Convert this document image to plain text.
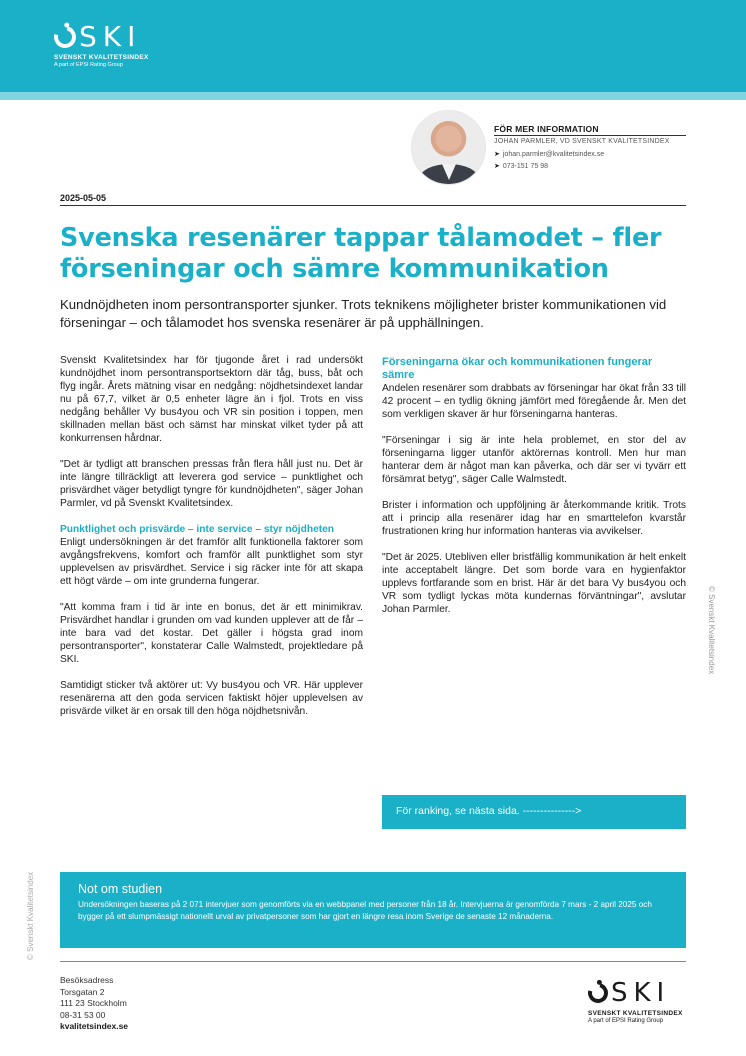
SKI
SVENSKT KVALITETSINDEX
A part of EPSI Rating Group
FÖR MER INFORMATION
JOHAN PARMLER, VD SVENSKT KVALITETSINDEX
➤ johan.parmler@kvalitetsindex.se
➤ 073-151 75 98
2025-05-05
Svenska resenärer tappar tålamodet – fler förseningar och sämre kommunikation

Kundnöjdheten inom persontransporter sjunker. Trots teknikens möjligheter brister kommunikationen vid förseningar – och tålamodet hos svenska resenärer är på upphällningen.

Svenskt Kvalitetsindex har för tjugonde året i rad undersökt kundnöjdhet inom persontransportsektorn där tåg, buss, båt och flyg ingår. Årets mätning visar en nedgång: nöjdhetsindexet landar nu på 67,7, vilket är 0,5 enheter lägre än i fjol. Trots en viss nedgång behåller Vy bus4you och VR sin position i toppen, men skillnaden mellan bäst och sämst har minskat vilket tyder på att konkurrensen hårdnar.

"Det är tydligt att branschen pressas från flera håll just nu. Det är inte längre tillräckligt att leverera god service – punktlighet och prisvärdhet väger betydligt tyngre för kundnöjdheten", säger Johan Parmler, vd på Svenskt Kvalitetsindex.

Punktlighet och prisvärde – inte service – styr nöjdheten

Enligt undersökningen är det framför allt funktionella faktorer som avgångsfrekvens, komfort och framför allt punktlighet som styr upplevelsen av prisvärdhet. Service i sig räcker inte för att skapa ett högt värde – om inte grunderna fungerar.

"Att komma fram i tid är inte en bonus, det är ett minimikrav. Prisvärdhet handlar i grunden om vad kunden upplever att de får – inte bara vad det kostar. Det gäller i högsta grad inom persontransporter", konstaterar Calle Walmstedt, projektledare på SKI.

Samtidigt sticker två aktörer ut: Vy bus4you och VR. Här upplever resenärerna att den goda servicen faktiskt höjer upplevelsen av prisvärde vilket är en orsak till den höga nöjdhetsnivån.

Förseningarna ökar och kommunikationen fungerar sämre

Andelen resenärer som drabbats av förseningar har ökat från 33 till 42 procent – en tydlig ökning jämfört med föregående år. Men det som verkligen skaver är hur förseningarna hanteras.

"Förseningar i sig är inte hela problemet, en stor del av förseningarna ligger utanför aktörernas kontroll. Men hur man hanterar dem är något man kan påverka, och där ser vi tyvärr ett försämrat betyg", säger Calle Walmstedt.

Brister i information och uppföljning är återkommande kritik. Trots att i princip alla resenärer idag har en smarttelefon kvarstår frustrationen kring hur information hanteras via avvikelser.

"Det är 2025. Utebliven eller bristfällig kommunikation är helt enkelt inte acceptabelt längre. Det som borde vara en hygienfaktor upplevs fortfarande som en brist. Här är det bara Vy bus4you och VR som tydligt lyckas möta kundernas förväntningar", avslutar Johan Parmler.

För ranking, se nästa sida. --------------->
Not om studien
Undersökningen baseras på 2 071 intervjuer som genomförts via en webbpanel med personer från 18 år. Intervjuerna är genomförda 7 mars - 2 april 2025 och bygger på ett slumpmässigt nationellt urval av privatpersoner som har gjort en längre resa inom Sverige de senaste 12 månaderna.
Besöksadress
Torsgatan 2
111 23 Stockholm
08-31 53 00
kvalitetsindex.se
SKI
SVENSKT KVALITETSINDEX
A part of EPSI Rating Group
© Svenskt Kvalitetsindex
© Svenskt Kvalitetsindex
